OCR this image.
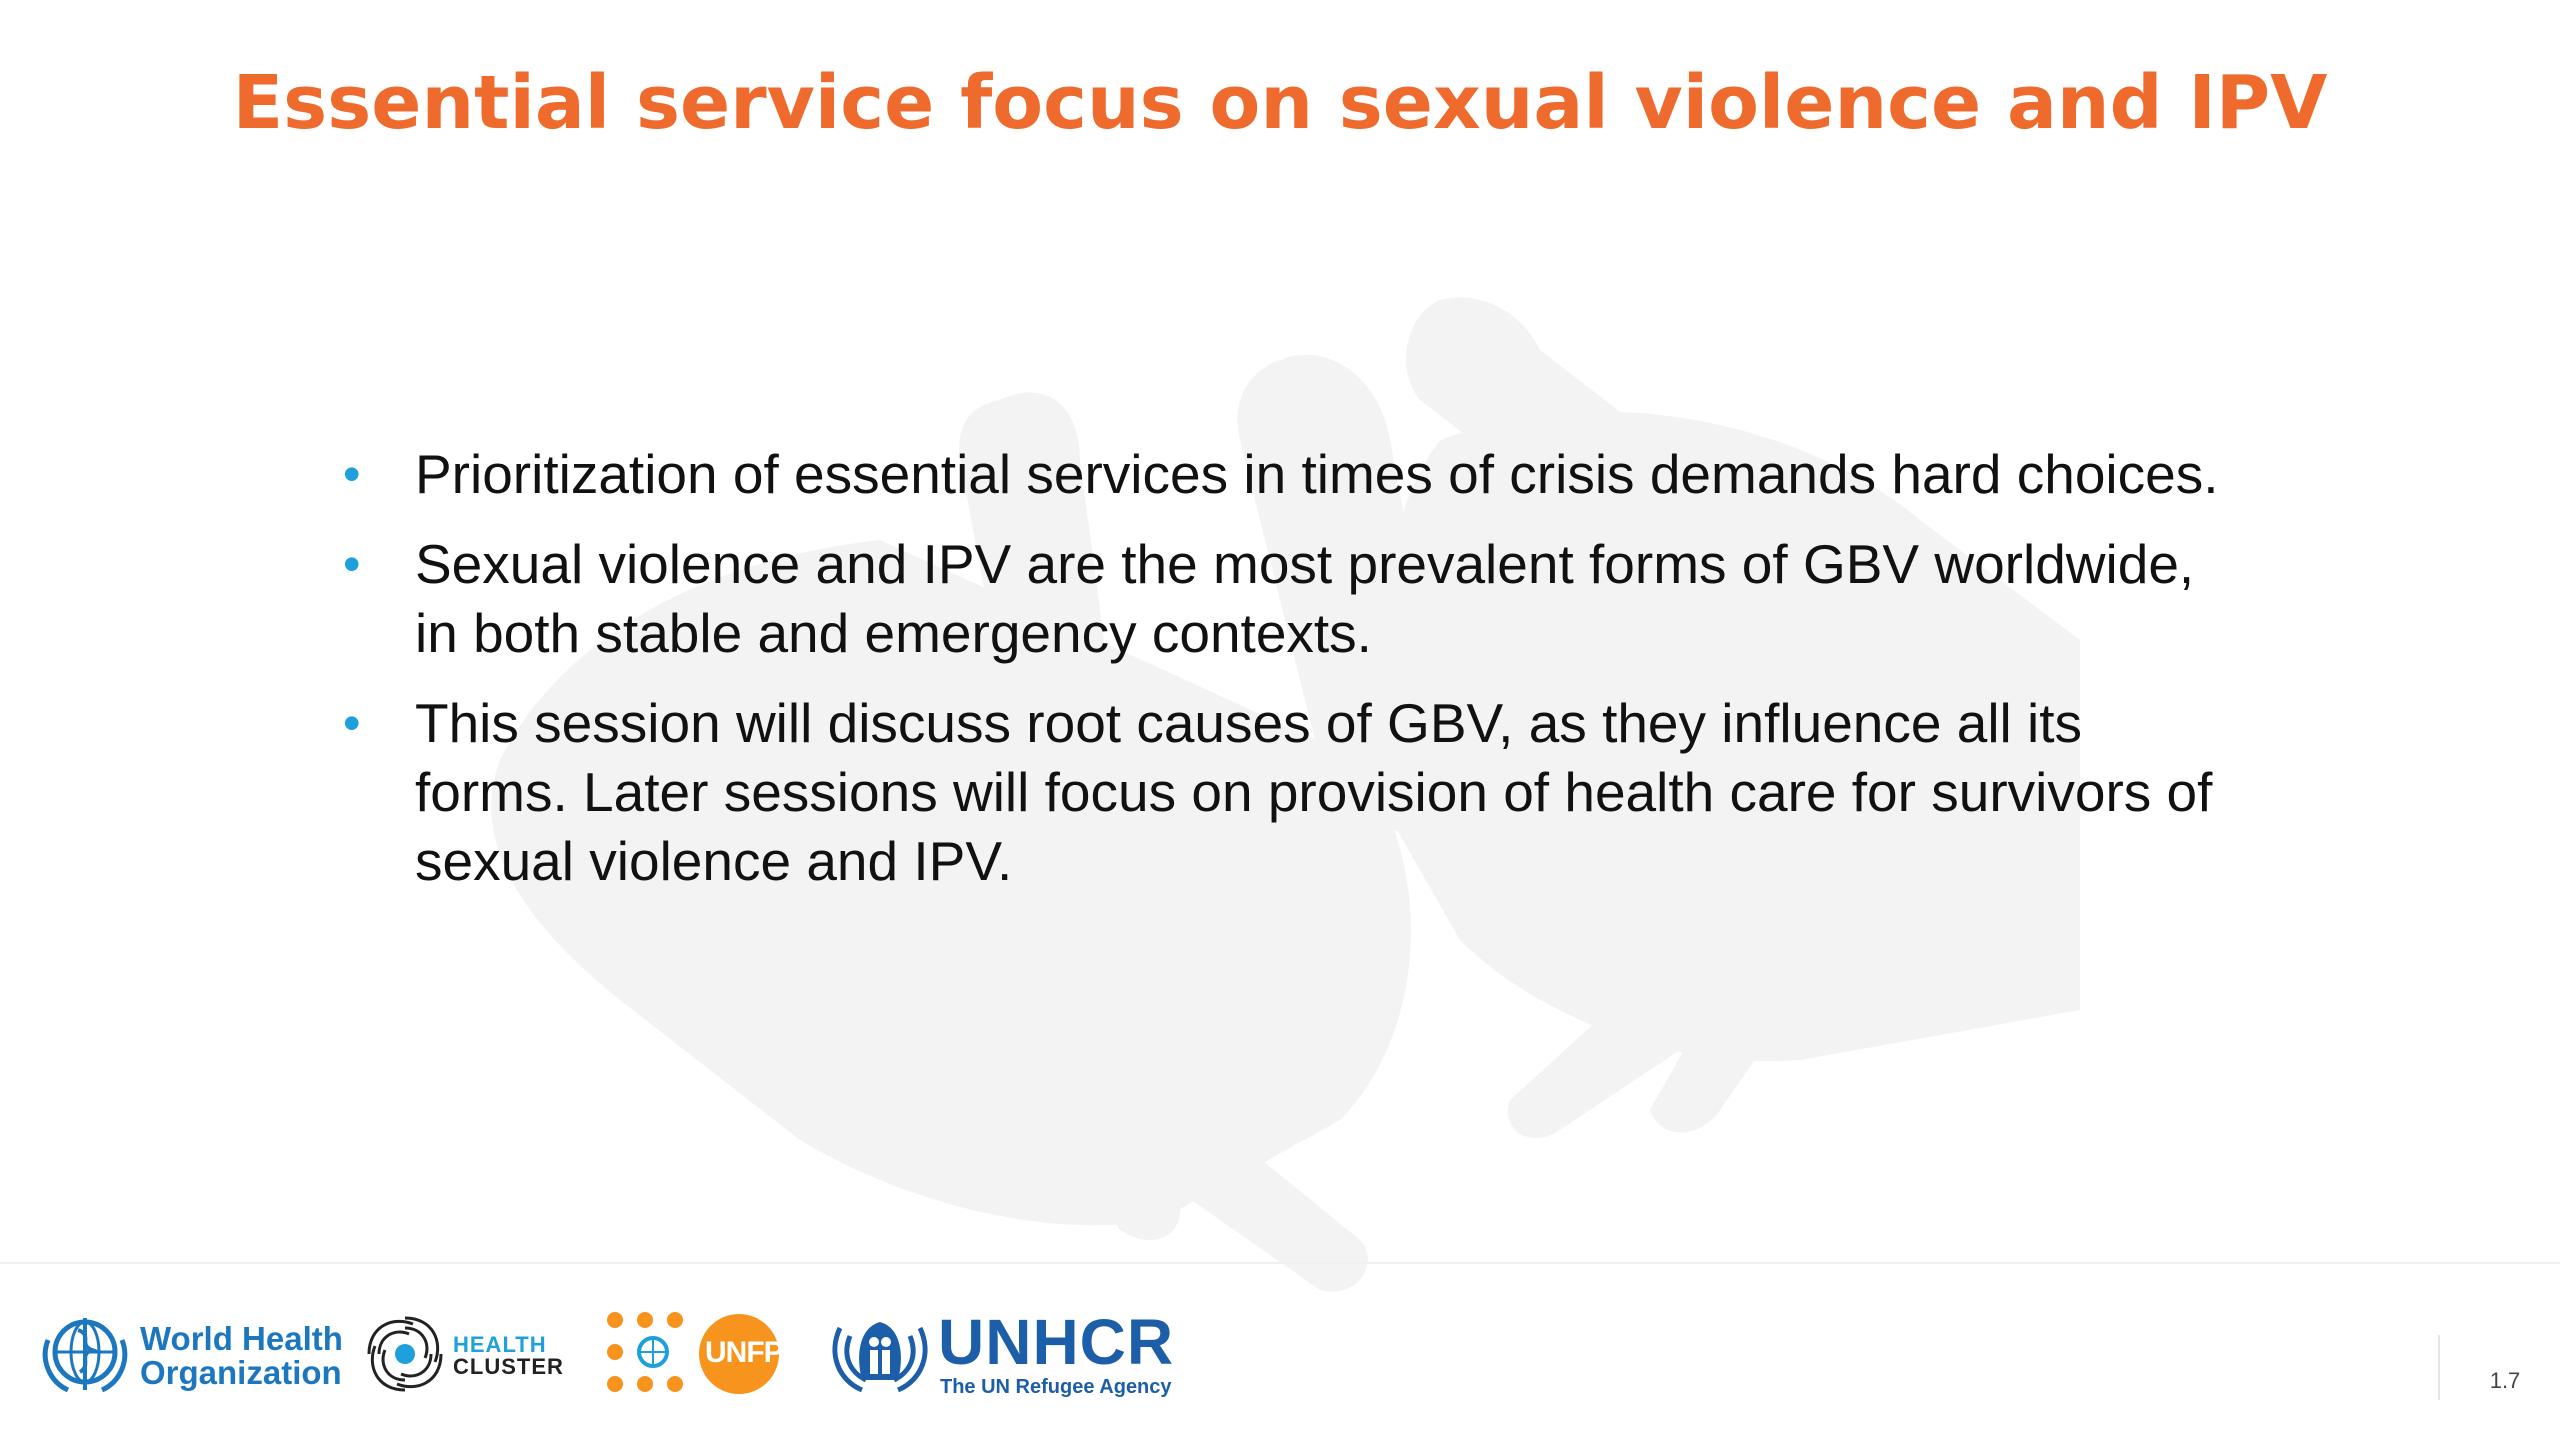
Essential service focus on sexual violence and IPV
• Prioritization of essential services in times of crisis demands hard choices.
• Sexual violence and IPV are the most prevalent forms of GBV worldwide, in both stable and emergency contexts.
• This session will discuss root causes of GBV, as they influence all its forms. Later sessions will focus on provision of health care for survivors of sexual violence and IPV.
World Health
Organization
HEALTH
CLUSTER	UNFPA UNHCR
The UN Refugee Agency	1.7
